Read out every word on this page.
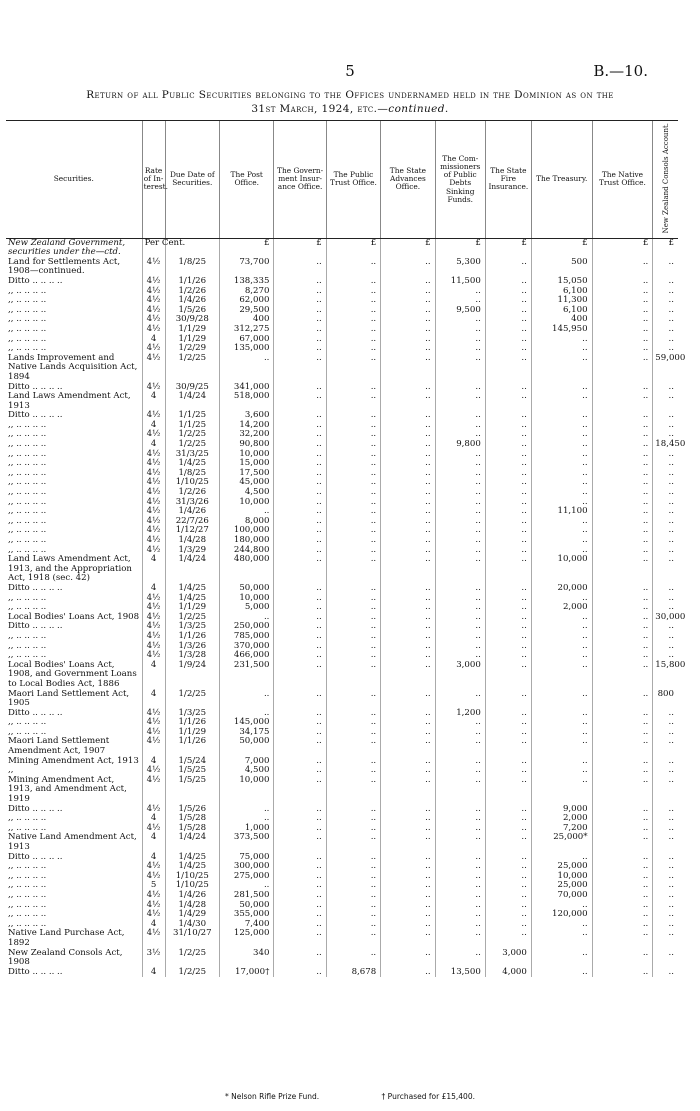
5	B.—10.
Return of all Public Securities belonging to the Offices undernamed held in the Dominion as on the
31st March, 1924, etc.—continued.
Securities.	Rate of In- terest.	Due Date of Securities.	The Post Office.	The Govern- ment Insur- ance Office.	The Public Trust Office.	The State Advances Office.	The Com- missioners of Public Debts Sinking Funds.	The State Fire Insurance.	The Treasury.	The Native Trust Office.	New Zealand Consols Account.
New Zealand Government, securities under the—ctd.	Per Cent.		£	£	£	£	£	£	£	£	£
Land for Settlements Act, 1908—continued.	4½	1/8/25	73,700	..	..	..	5,300	..	500	..	..
Ditto .. .. .. ..	4½	1/1/26	138,335	..	..	..	11,500	..	15,050	..	..
,, .. .. .. ..	4½	1/2/26	8,270	..	..	..	..	..	6,100	..	..
,, .. .. .. ..	4½	1/4/26	62,000	..	..	..	..	..	11,300	..	..
,, .. .. .. ..	4½	1/5/26	29,500	..	..	..	9,500	..	6,100	..	..
,, .. .. .. ..	4½	30/9/28	400	..	..	..	..	..	400	..	..
,, .. .. .. ..	4½	1/1/29	312,275	..	..	..	..	..	145,950	..	..
,, .. .. .. ..	4	1/1/29	67,000	..	..	..	..	..	..	..	..
,, .. .. .. ..	4½	1/2/29	135,000	..	..	..	..	..	..	..	..
Lands Improvement and Native Lands Acquisition Act, 1894	4½	1/2/25	..	..	..	..	..	..	..	..	59,000
Ditto .. .. .. ..	4½	30/9/25	341,000	..	..	..	..	..	..	..	..
Land Laws Amendment Act, 1913	4	1/4/24	518,000	..	..	..	..	..	..	..	..
Ditto .. .. .. ..	4½	1/1/25	3,600	..	..	..	..	..	..	..	..
,, .. .. .. ..	4	1/1/25	14,200	..	..	..	..	..	..	..	..
,, .. .. .. ..	4½	1/2/25	32,200	..	..	..	..	..	..	..	..
,, .. .. .. ..	4	1/2/25	90,800	..	..	..	9,800	..	..	..	18,450
,, .. .. .. ..	4½	31/3/25	10,000	..	..	..	..	..	..	..	..
,, .. .. .. ..	4½	1/4/25	15,000	..	..	..	..	..	..	..	..
,, .. .. .. ..	4½	1/8/25	17,500	..	..	..	..	..	..	..	..
,, .. .. .. ..	4½	1/10/25	45,000	..	..	..	..	..	..	..	..
,, .. .. .. ..	4½	1/2/26	4,500	..	..	..	..	..	..	..	..
,, .. .. .. ..	4½	31/3/26	10,000	..	..	..	..	..	..	..	..
,, .. .. .. ..	4½	1/4/26	..	..	..	..	..	..	11,100	..	..
,, .. .. .. ..	4½	22/7/26	8,000	..	..	..	..	..	..	..	..
,, .. .. .. ..	4½	1/12/27	100,000	..	..	..	..	..	..	..	..
,, .. .. .. ..	4½	1/4/28	180,000	..	..	..	..	..	..	..	..
,, .. .. .. ..	4½	1/3/29	244,800	..	..	..	..	..	..	..	..
Land Laws Amendment Act, 1913, and the Appropriation Act, 1918 (sec. 42)	4	1/4/24	480,000	..	..	..	..	..	10,000	..	..
Ditto .. .. .. ..	4	1/4/25	50,000	..	..	..	..	..	20,000	..	..
,, .. .. .. ..	4½	1/4/25	10,000	..	..	..	..	..	..	..	..
,, .. .. .. ..	4½	1/1/29	5,000	..	..	..	..	..	2,000	..	..
Local Bodies' Loans Act, 1908	4½	1/2/25	..	..	..	..	..	..	..	..	30,000
Ditto .. .. .. ..	4½	1/3/25	250,000	..	..	..	..	..	..	..	..
,, .. .. .. ..	4½	1/1/26	785,000	..	..	..	..	..	..	..	..
,, .. .. .. ..	4½	1/3/26	370,000	..	..	..	..	..	..	..	..
,, .. .. .. ..	4½	1/3/28	466,000	..	..	..	..	..	..	..	..
Local Bodies' Loans Act, 1908, and Government Loans to Local Bodies Act, 1886	4	1/9/24	231,500	..	..	..	3,000	..	..	..	15,800
Maori Land Settlement Act, 1905	4	1/2/25	..	..	..	..	..	..	..	..	800
Ditto .. .. .. ..	4½	1/3/25	..	..	..	..	1,200	..	..	..	..
,, .. .. .. ..	4½	1/1/26	145,000	..	..	..	..	..	..	..	..
,, .. .. .. ..	4½	1/1/29	34,175	..	..	..	..	..	..	..	..
Maori Land Settlement Amendment Act, 1907	4½	1/1/26	50,000	..	..	..	..	..	..	..	..
Mining Amendment Act, 1913	4	1/5/24	7,000	..	..	..	..	..	..	..	..
,,	4½	1/5/25	4,500	..	..	..	..	..	..	..	..
Mining Amendment Act, 1913, and Amendment Act, 1919	4½	1/5/25	10,000	..	..	..	..	..	..	..	..
Ditto .. .. .. ..	4½	1/5/26	..	..	..	..	..	..	9,000	..	..
,, .. .. .. ..	4	1/5/28	..	..	..	..	..	..	2,000	..	..
,, .. .. .. ..	4½	1/5/28	1,000	..	..	..	..	..	7,200	..	..
Native Land Amendment Act, 1913	4	1/4/24	373,500	..	..	..	..	..	25,000*	..	..
Ditto .. .. .. ..	4	1/4/25	75,000	..	..	..	..	..	..	..	..
,, .. .. .. ..	4½	1/4/25	300,000	..	..	..	..	..	25,000	..	..
,, .. .. .. ..	4½	1/10/25	275,000	..	..	..	..	..	10,000	..	..
,, .. .. .. ..	5	1/10/25	..	..	..	..	..	..	25,000	..	..
,, .. .. .. ..	4½	1/4/26	281,500	..	..	..	..	..	70,000	..	..
,, .. .. .. ..	4½	1/4/28	50,000	..	..	..	..	..	..	..	..
,, .. .. .. ..	4½	1/4/29	355,000	..	..	..	..	..	120,000	..	..
,, .. .. .. ..	4	1/4/30	7,400	..	..	..	..	..	..	..	..
Native Land Purchase Act, 1892	4½	31/10/27	125,000	..	..	..	..	..	..	..	..
New Zealand Consols Act, 1908	3½	1/2/25	340	..	..	..	..	3,000	..	..	..
Ditto .. .. .. ..	4	1/2/25	17,000†	..	8,678	..	13,500	4,000	..	..	..
* Nelson Rifle Prize Fund.	† Purchased for £15,400.
